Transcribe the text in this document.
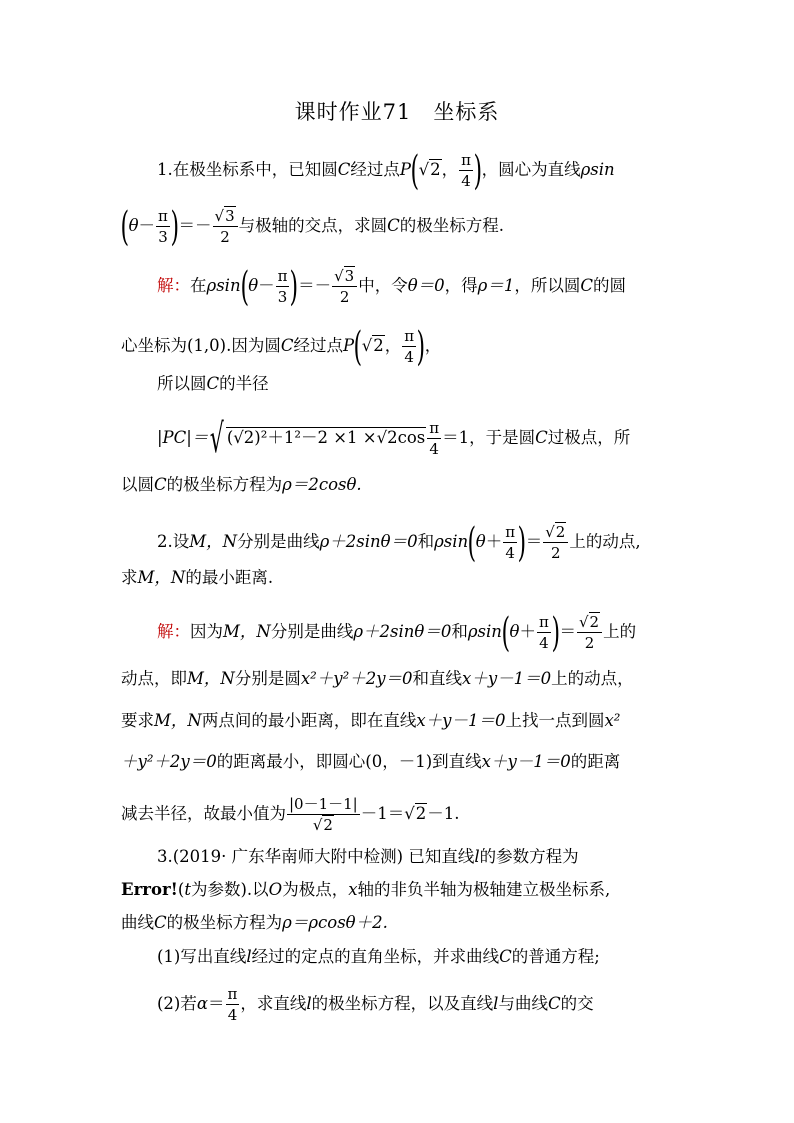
课时作业71　坐标系
1.在极坐标系中，已知圆C经过点P(√2， $\frac{\pi}{4}$ )，圆心为直线ρsin
($\theta- \frac{\pi}{3}$ )＝－ $\frac{√3}{2}$ 与极轴的交点，求圆C的极坐标方程.
解：在$\rho\sin(\theta- \frac{\pi}{3}$ )＝－ $\frac{√3}{2}$ 中，令θ＝0，得ρ＝1，所以圆C的圆
心坐标为(1,0).因为圆C经过点P(√2， $\frac{\pi}{4}$ )，
所以圆C的半径
|PC|＝√ $(√2)^2+1^2-2 \times 1 \times√2\cos \frac{\pi}{4} =1$，于是圆C过极点，所
以圆C的极坐标方程为ρ＝2cosθ.
2.设M，N分别是曲线ρ＋2sinθ＝0和$\rho\sin(\theta+ \frac{\pi}{4}$ )＝ $\frac{√2}{2}$ 上的动点,
求M，N的最小距离.
解：因为M，N分别是曲线ρ＋2sinθ＝0和$\rho\sin(\theta+ \frac{\pi}{4}$ )＝ $\frac{√2}{2}$ 上的
动点，即M，N分别是圆x²＋y²＋2y＝0和直线x＋y－1＝0上的动点，
要求M，N两点间的最小距离，即在直线x＋y－1＝0上找一点到圆x²
＋y²＋2y＝0的距离最小，即圆心(0，－1)到直线x＋y－1＝0的距离
减去半径，故最小值为 $\frac{|0-1-1|}{√2} -1=√2-1$.
3.(2019· 广东华南师大附中检测) 已知直线l的参数方程为
Error!(t为参数).以O为极点，x轴的非负半轴为极轴建立极坐标系,
曲线C的极坐标方程为ρ＝ρcosθ＋2.
(1)写出直线l经过的定点的直角坐标，并求曲线C的普通方程;
(2)若$\alpha= \frac{\pi}{4}$ ，求直线l的极坐标方程，以及直线l与曲线C的交
